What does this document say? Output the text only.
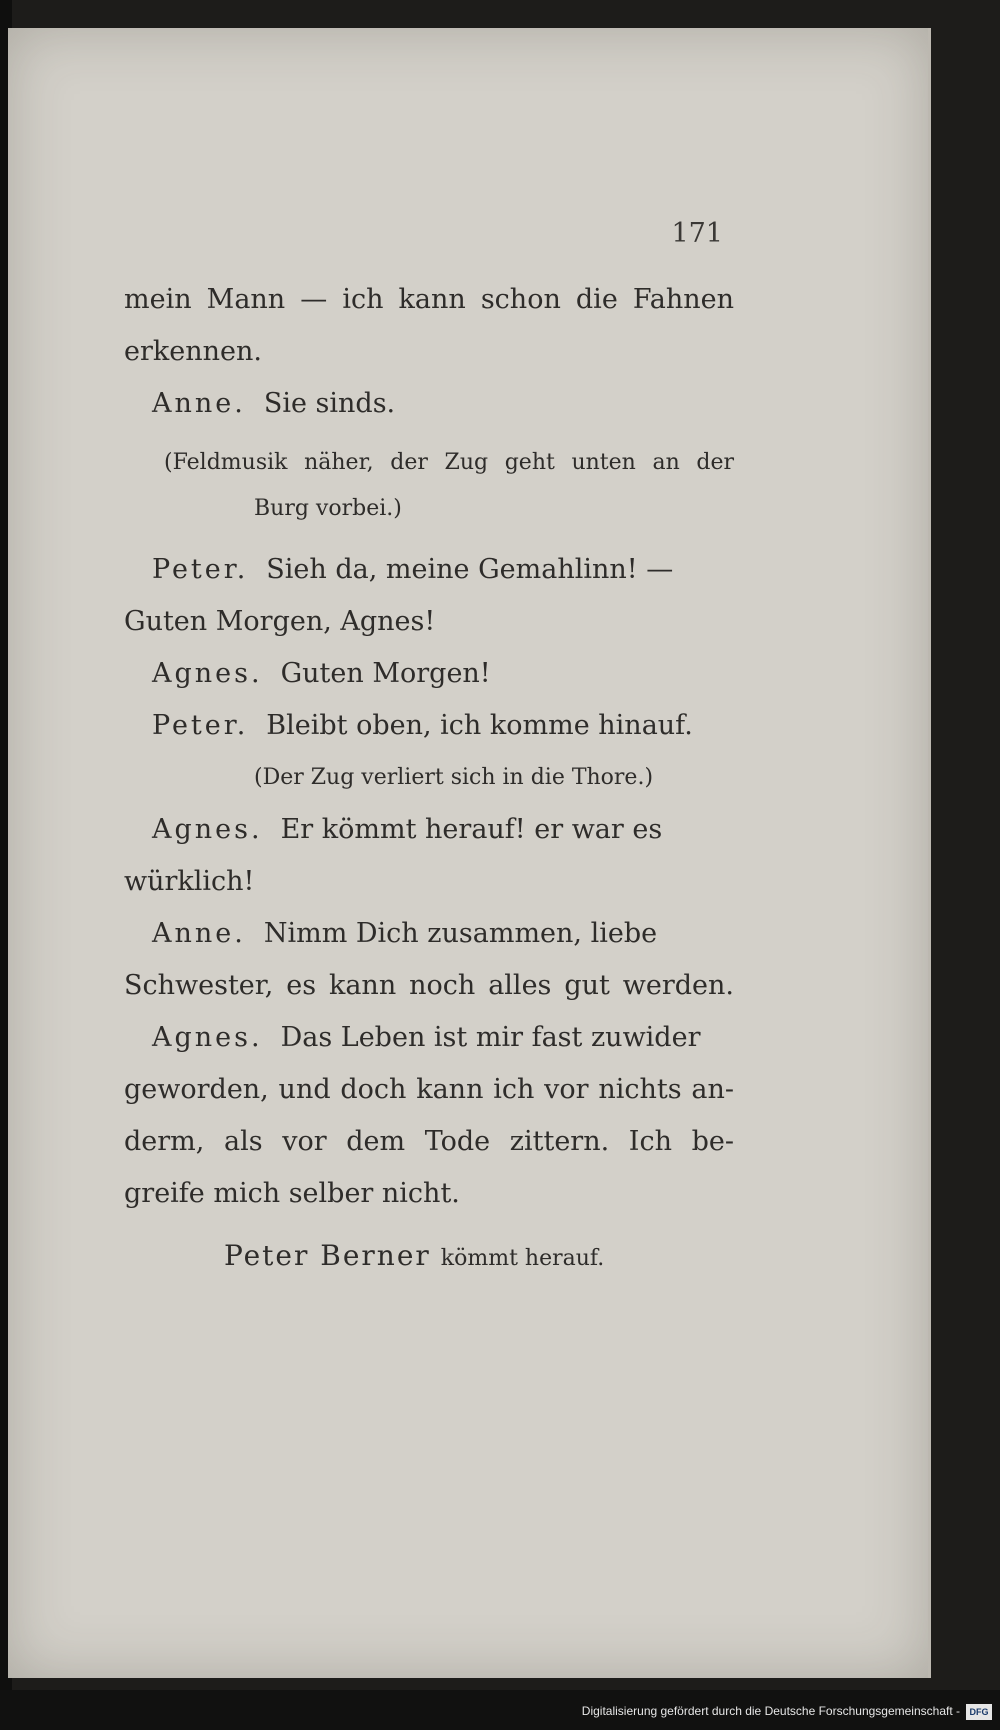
171
mein Mann — ich kann schon die Fahnen
erkennen.
Anne. Sie sinds.
(Feldmusik näher, der Zug geht unten an der
Burg vorbei.)
Peter. Sieh da, meine Gemahlinn! —
Guten Morgen, Agnes!
Agnes. Guten Morgen!
Peter. Bleibt oben, ich komme hinauf.
(Der Zug verliert sich in die Thore.)
Agnes. Er kömmt herauf! er war es
würklich!
Anne. Nimm Dich zusammen, liebe
Schwester, es kann noch alles gut werden.
Agnes. Das Leben ist mir fast zuwider
geworden, und doch kann ich vor nichts an-
derm, als vor dem Tode zittern. Ich be-
greife mich selber nicht.
Peter Berner kömmt herauf.
Digitalisierung gefördert durch die Deutsche Forschungsgemeinschaft -	DFG
